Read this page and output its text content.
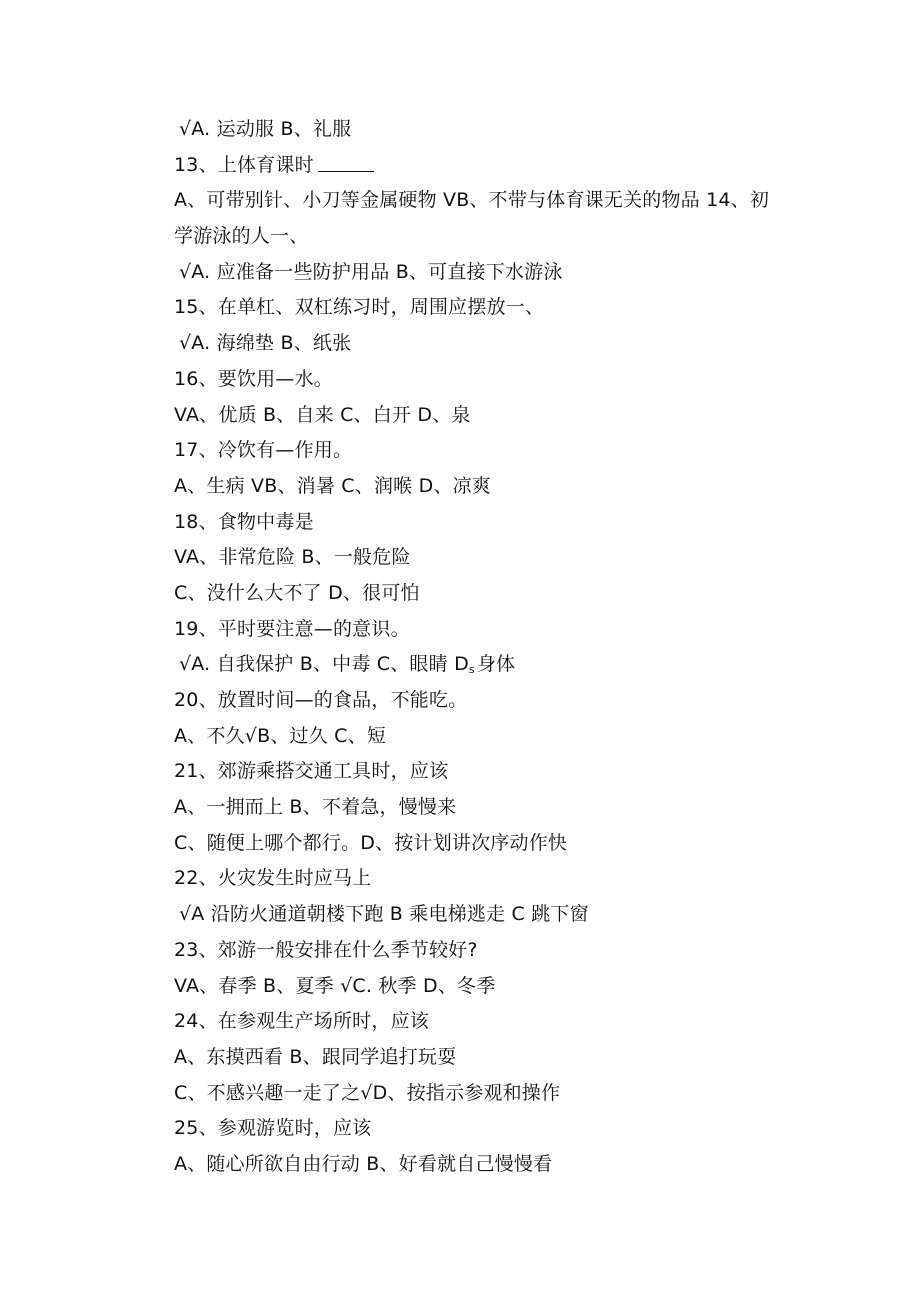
√A. 运动服 B、礼服
13、上体育课时
A、可带别针、小刀等金属硬物 VB、不带与体育课无关的物品 14、初
学游泳的人一、
√A. 应准备一些防护用品 B、可直接下水游泳
15、在单杠、双杠练习时，周围应摆放一、
√A. 海绵垫 B、纸张
16、要饮用—水。
VA、优质 B、自来 C、白开 D、泉
17、冷饮有—作用。
A、生病 VB、消暑 C、润喉 D、凉爽
18、食物中毒是
VA、非常危险 B、一般危险
C、没什么大不了 D、很可怕
19、平时要注意—的意识。
√A. 自我保护 B、中毒 C、眼睛 $D_s$ 身体
20、放置时间—的食品，不能吃。
A、不久√B、过久 C、短
21、郊游乘搭交通工具时，应该
A、一拥而上 B、不着急，慢慢来
C、随便上哪个都行。D、按计划讲次序动作快
22、火灾发生时应马上
√A 沿防火通道朝楼下跑 B 乘电梯逃走 C 跳下窗
23、郊游一般安排在什么季节较好?
VA、春季 B、夏季 √C. 秋季 D、冬季
24、在参观生产场所时，应该
A、东摸西看 B、跟同学追打玩耍
C、不感兴趣一走了之√D、按指示参观和操作
25、参观游览时，应该
A、随心所欲自由行动 B、好看就自己慢慢看
